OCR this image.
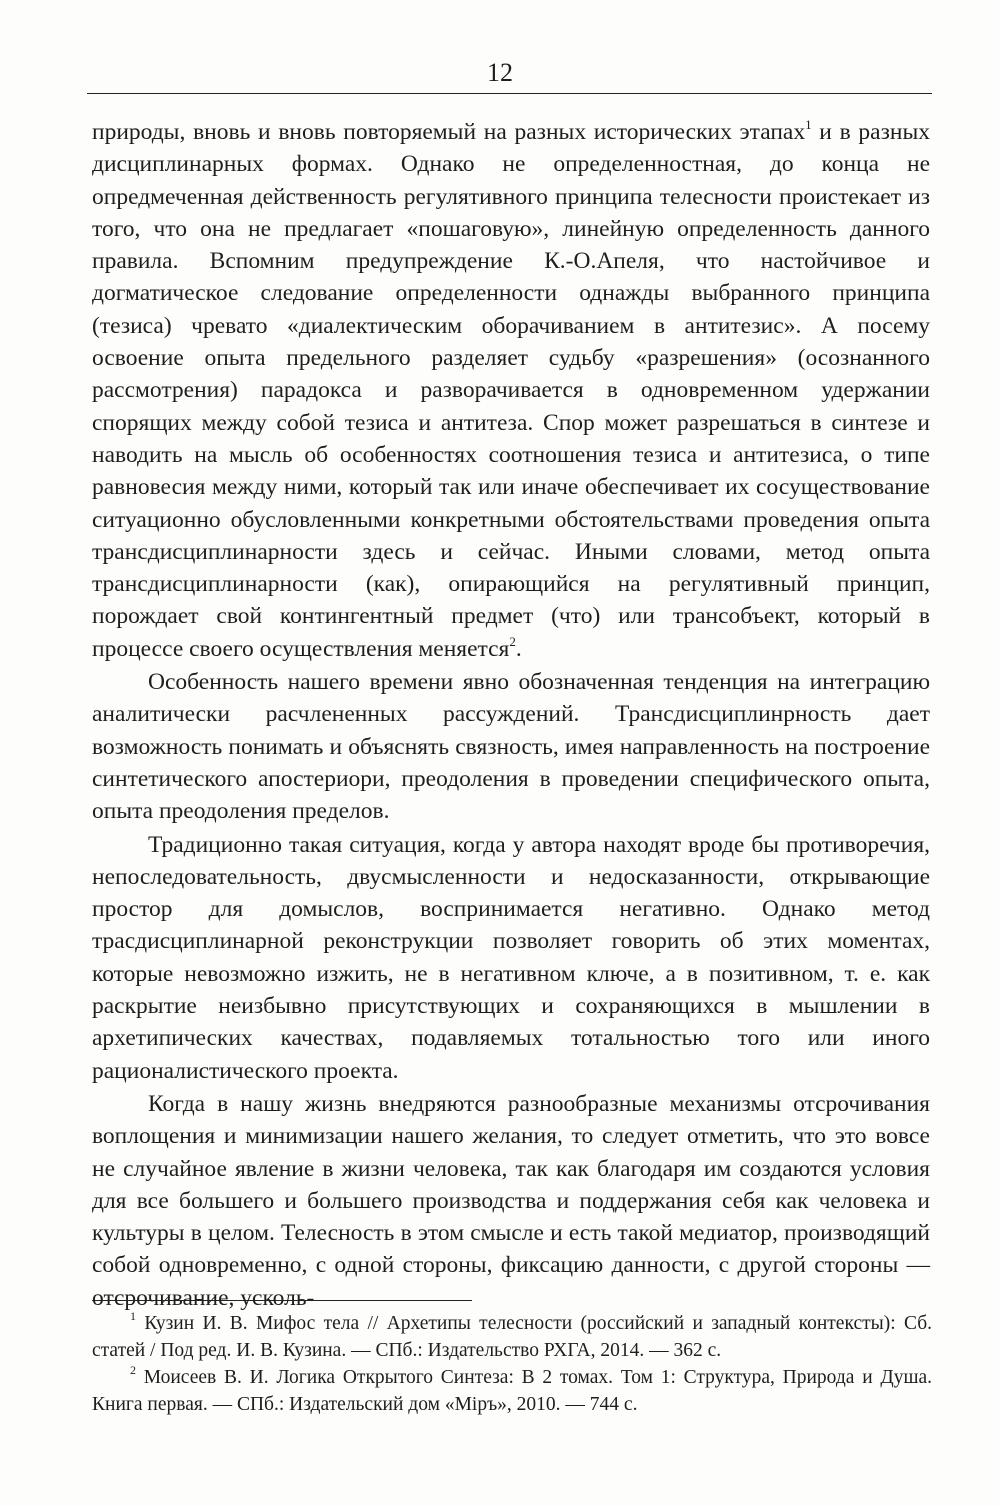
12

природы, вновь и вновь повторяемый на разных исторических этапах$^1$ и в разных дисциплинарных формах. Однако не определенностная, до конца не опредмеченная действенность регулятивного принципа телесности проистекает из того, что она не предлагает «пошаговую», линейную определенность данного правила. Вспомним предупреждение К.-О.Апеля, что настойчивое и догматическое следование определенности однажды выбранного принципа (тезиса) чревато «диалектическим оборачиванием в антитезис». А посему освоение опыта предельного разделяет судьбу «разрешения» (осознанного рассмотрения) парадокса и разворачивается в одновременном удержании спорящих между собой тезиса и антитеза. Спор может разрешаться в синтезе и наводить на мысль об особенностях соотношения тезиса и антитезиса, о типе равновесия между ними, который так или иначе обеспечивает их сосуществование ситуационно обусловленными конкретными обстоятельствами проведения опыта трансдисциплинарности здесь и сейчас. Иными словами, метод опыта трансдисциплинарности (как), опирающийся на регулятивный принцип, порождает свой контингентный предмет (что) или трансобъект, который в процессе своего осуществления меняется$^2$.

Особенность нашего времени явно обозначенная тенденция на интеграцию аналитически расчлененных рассуждений. Трансдисциплинрность дает возможность понимать и объяснять связность, имея направленность на построение синтетического апостериори, преодоления в проведении специфического опыта, опыта преодоления пределов.

Традиционно такая ситуация, когда у автора находят вроде бы противоречия, непоследовательность, двусмысленности и недосказанности, открывающие простор для домыслов, воспринимается негативно. Однако метод трасдисциплинарной реконструкции позволяет говорить об этих моментах, которые невозможно изжить, не в негативном ключе, а в позитивном, т. е. как раскрытие неизбывно присутствующих и сохраняющихся в мышлении в архетипических качествах, подавляемых тотальностью того или иного рационалистического проекта.

Когда в нашу жизнь внедряются разнообразные механизмы отсрочивания воплощения и минимизации нашего желания, то следует отметить, что это вовсе не случайное явление в жизни человека, так как благодаря им создаются условия для все большего и большего производства и поддержания себя как человека и культуры в целом. Телесность в этом смысле и есть такой медиатор, производящий собой одновременно, с одной стороны, фиксацию данности, с другой стороны — отсрочивание, усколь-

$^1$ Кузин И. В. Мифос тела // Архетипы телесности (российский и западный контексты): Сб. статей / Под ред. И. В. Кузина. — СПб.: Издательство РХГА, 2014. — 362 с.

$^2$ Моисеев В. И. Логика Открытого Синтеза: В 2 томах. Том 1: Структура, Природа и Душа. Книга первая. — СПб.: Издательский дом «Міръ», 2010. — 744 с.
